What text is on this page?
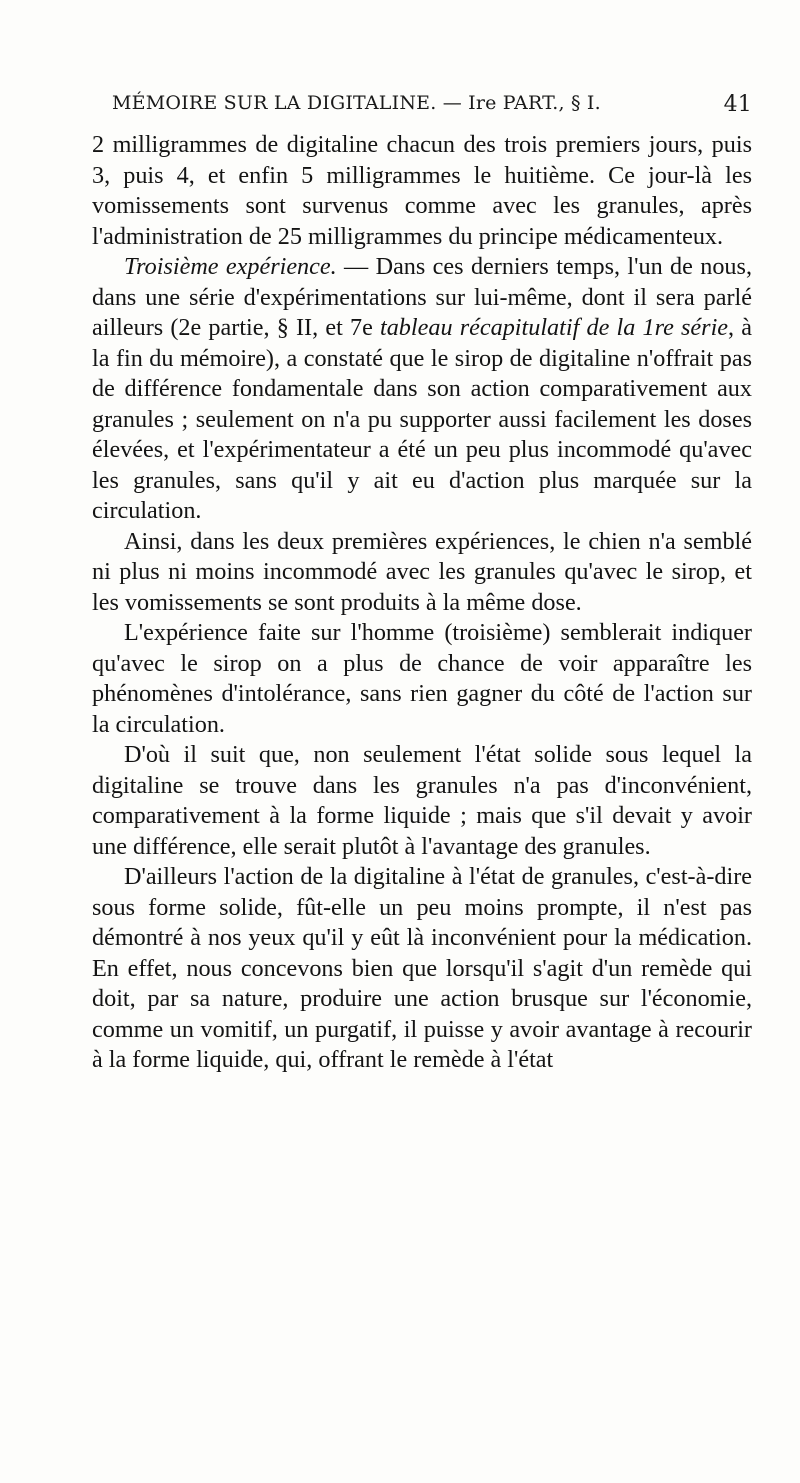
MÉMOIRE SUR LA DIGITALINE. — Ire PART., § I.	41

2 milligrammes de digitaline chacun des trois premiers jours, puis 3, puis 4, et enfin 5 milligrammes le huitième. Ce jour-là les vomissements sont survenus comme avec les granules, après l'administration de 25 milligrammes du principe médicamenteux.

Troisième expérience. — Dans ces derniers temps, l'un de nous, dans une série d'expérimentations sur lui-même, dont il sera parlé ailleurs (2e partie, § II, et 7e tableau récapitulatif de la 1re série, à la fin du mémoire), a constaté que le sirop de digitaline n'offrait pas de différence fondamentale dans son action comparativement aux granules ; seulement on n'a pu supporter aussi facilement les doses élevées, et l'expérimentateur a été un peu plus incommodé qu'avec les granules, sans qu'il y ait eu d'action plus marquée sur la circulation.

Ainsi, dans les deux premières expériences, le chien n'a semblé ni plus ni moins incommodé avec les granules qu'avec le sirop, et les vomissements se sont produits à la même dose.

L'expérience faite sur l'homme (troisième) semblerait indiquer qu'avec le sirop on a plus de chance de voir apparaître les phénomènes d'intolérance, sans rien gagner du côté de l'action sur la circulation.

D'où il suit que, non seulement l'état solide sous lequel la digitaline se trouve dans les granules n'a pas d'inconvénient, comparativement à la forme liquide ; mais que s'il devait y avoir une différence, elle serait plutôt à l'avantage des granules.

D'ailleurs l'action de la digitaline à l'état de granules, c'est-à-dire sous forme solide, fût-elle un peu moins prompte, il n'est pas démontré à nos yeux qu'il y eût là inconvénient pour la médication. En effet, nous concevons bien que lorsqu'il s'agit d'un remède qui doit, par sa nature, produire une action brusque sur l'économie, comme un vomitif, un purgatif, il puisse y avoir avantage à recourir à la forme liquide, qui, offrant le remède à l'état
